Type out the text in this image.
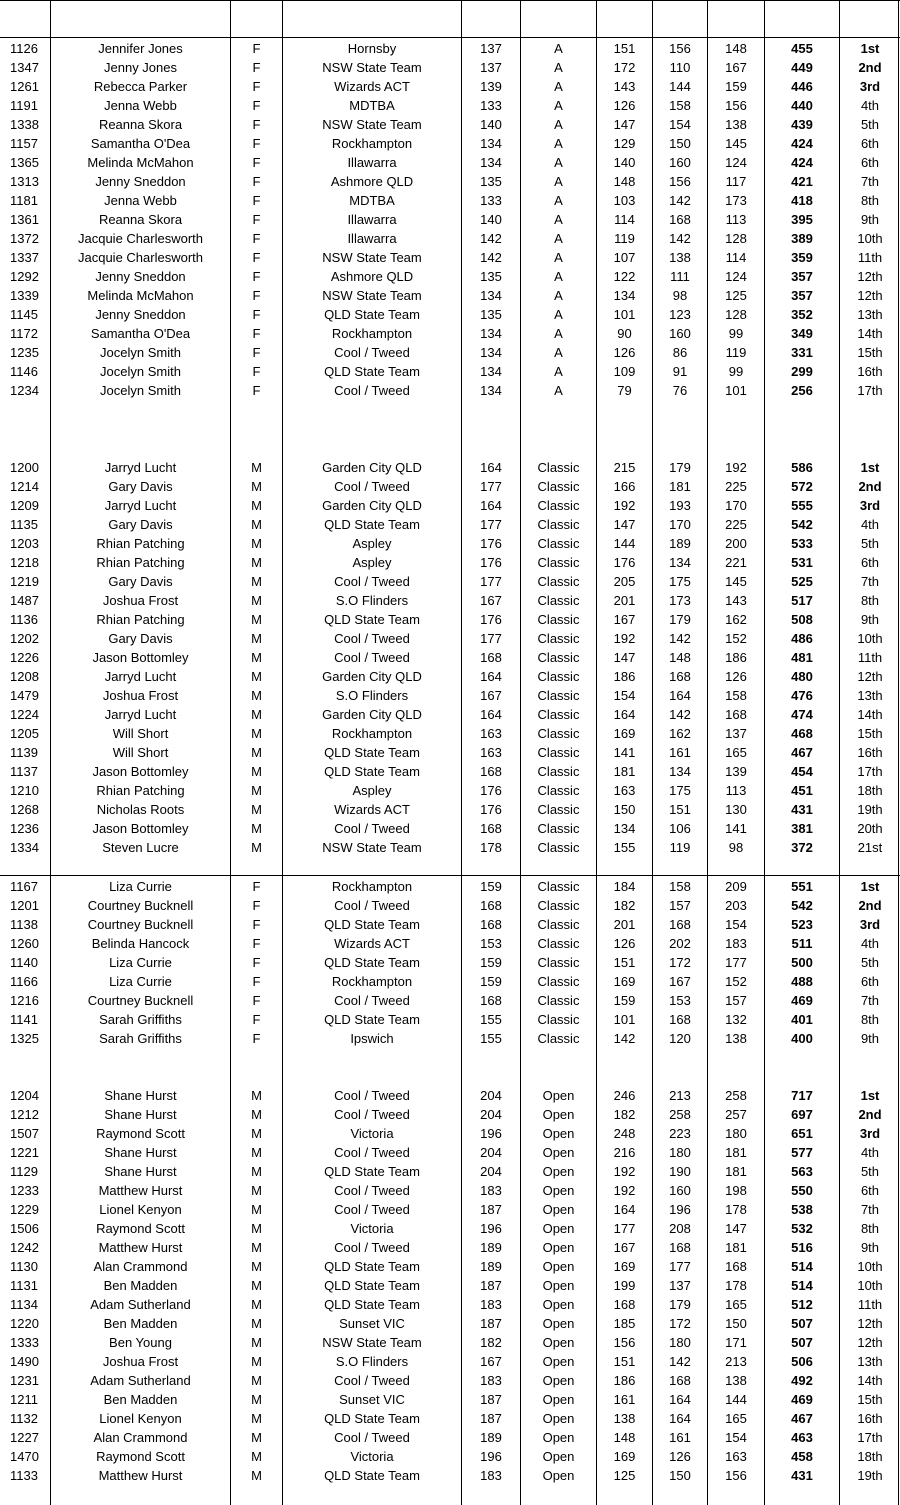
1126	Jennifer Jones	F	Hornsby	137	A	151	156	148	455	1st
1347	Jenny Jones	F	NSW State Team	137	A	172	110	167	449	2nd
1261	Rebecca Parker	F	Wizards ACT	139	A	143	144	159	446	3rd
1191	Jenna Webb	F	MDTBA	133	A	126	158	156	440	4th
1338	Reanna Skora	F	NSW State Team	140	A	147	154	138	439	5th
1157	Samantha O'Dea	F	Rockhampton	134	A	129	150	145	424	6th
1365	Melinda McMahon	F	Illawarra	134	A	140	160	124	424	6th
1313	Jenny Sneddon	F	Ashmore QLD	135	A	148	156	117	421	7th
1181	Jenna Webb	F	MDTBA	133	A	103	142	173	418	8th
1361	Reanna Skora	F	Illawarra	140	A	114	168	113	395	9th
1372	Jacquie Charlesworth	F	Illawarra	142	A	119	142	128	389	10th
1337	Jacquie Charlesworth	F	NSW State Team	142	A	107	138	114	359	11th
1292	Jenny Sneddon	F	Ashmore QLD	135	A	122	111	124	357	12th
1339	Melinda McMahon	F	NSW State Team	134	A	134	98	125	357	12th
1145	Jenny Sneddon	F	QLD State Team	135	A	101	123	128	352	13th
1172	Samantha O'Dea	F	Rockhampton	134	A	90	160	99	349	14th
1235	Jocelyn Smith	F	Cool / Tweed	134	A	126	86	119	331	15th
1146	Jocelyn Smith	F	QLD State Team	134	A	109	91	99	299	16th
1234	Jocelyn Smith	F	Cool / Tweed	134	A	79	76	101	256	17th
1200	Jarryd Lucht	M	Garden City QLD	164	Classic	215	179	192	586	1st
1214	Gary Davis	M	Cool / Tweed	177	Classic	166	181	225	572	2nd
1209	Jarryd Lucht	M	Garden City QLD	164	Classic	192	193	170	555	3rd
1135	Gary Davis	M	QLD State Team	177	Classic	147	170	225	542	4th
1203	Rhian Patching	M	Aspley	176	Classic	144	189	200	533	5th
1218	Rhian Patching	M	Aspley	176	Classic	176	134	221	531	6th
1219	Gary Davis	M	Cool / Tweed	177	Classic	205	175	145	525	7th
1487	Joshua Frost	M	S.O Flinders	167	Classic	201	173	143	517	8th
1136	Rhian Patching	M	QLD State Team	176	Classic	167	179	162	508	9th
1202	Gary Davis	M	Cool / Tweed	177	Classic	192	142	152	486	10th
1226	Jason Bottomley	M	Cool / Tweed	168	Classic	147	148	186	481	11th
1208	Jarryd Lucht	M	Garden City QLD	164	Classic	186	168	126	480	12th
1479	Joshua Frost	M	S.O Flinders	167	Classic	154	164	158	476	13th
1224	Jarryd Lucht	M	Garden City QLD	164	Classic	164	142	168	474	14th
1205	Will Short	M	Rockhampton	163	Classic	169	162	137	468	15th
1139	Will Short	M	QLD State Team	163	Classic	141	161	165	467	16th
1137	Jason Bottomley	M	QLD State Team	168	Classic	181	134	139	454	17th
1210	Rhian Patching	M	Aspley	176	Classic	163	175	113	451	18th
1268	Nicholas Roots	M	Wizards ACT	176	Classic	150	151	130	431	19th
1236	Jason Bottomley	M	Cool / Tweed	168	Classic	134	106	141	381	20th
1334	Steven Lucre	M	NSW State Team	178	Classic	155	119	98	372	21st
1167	Liza Currie	F	Rockhampton	159	Classic	184	158	209	551	1st
1201	Courtney Bucknell	F	Cool / Tweed	168	Classic	182	157	203	542	2nd
1138	Courtney Bucknell	F	QLD State Team	168	Classic	201	168	154	523	3rd
1260	Belinda Hancock	F	Wizards ACT	153	Classic	126	202	183	511	4th
1140	Liza Currie	F	QLD State Team	159	Classic	151	172	177	500	5th
1166	Liza Currie	F	Rockhampton	159	Classic	169	167	152	488	6th
1216	Courtney Bucknell	F	Cool / Tweed	168	Classic	159	153	157	469	7th
1141	Sarah Griffiths	F	QLD State Team	155	Classic	101	168	132	401	8th
1325	Sarah Griffiths	F	Ipswich	155	Classic	142	120	138	400	9th
1204	Shane Hurst	M	Cool / Tweed	204	Open	246	213	258	717	1st
1212	Shane Hurst	M	Cool / Tweed	204	Open	182	258	257	697	2nd
1507	Raymond Scott	M	Victoria	196	Open	248	223	180	651	3rd
1221	Shane Hurst	M	Cool / Tweed	204	Open	216	180	181	577	4th
1129	Shane Hurst	M	QLD State Team	204	Open	192	190	181	563	5th
1233	Matthew Hurst	M	Cool / Tweed	183	Open	192	160	198	550	6th
1229	Lionel Kenyon	M	Cool / Tweed	187	Open	164	196	178	538	7th
1506	Raymond Scott	M	Victoria	196	Open	177	208	147	532	8th
1242	Matthew Hurst	M	Cool / Tweed	189	Open	167	168	181	516	9th
1130	Alan Crammond	M	QLD State Team	189	Open	169	177	168	514	10th
1131	Ben Madden	M	QLD State Team	187	Open	199	137	178	514	10th
1134	Adam Sutherland	M	QLD State Team	183	Open	168	179	165	512	11th
1220	Ben Madden	M	Sunset VIC	187	Open	185	172	150	507	12th
1333	Ben Young	M	NSW State Team	182	Open	156	180	171	507	12th
1490	Joshua Frost	M	S.O Flinders	167	Open	151	142	213	506	13th
1231	Adam Sutherland	M	Cool / Tweed	183	Open	186	168	138	492	14th
1211	Ben Madden	M	Sunset VIC	187	Open	161	164	144	469	15th
1132	Lionel Kenyon	M	QLD State Team	187	Open	138	164	165	467	16th
1227	Alan Crammond	M	Cool / Tweed	189	Open	148	161	154	463	17th
1470	Raymond Scott	M	Victoria	196	Open	169	126	163	458	18th
1133	Matthew Hurst	M	QLD State Team	183	Open	125	150	156	431	19th
